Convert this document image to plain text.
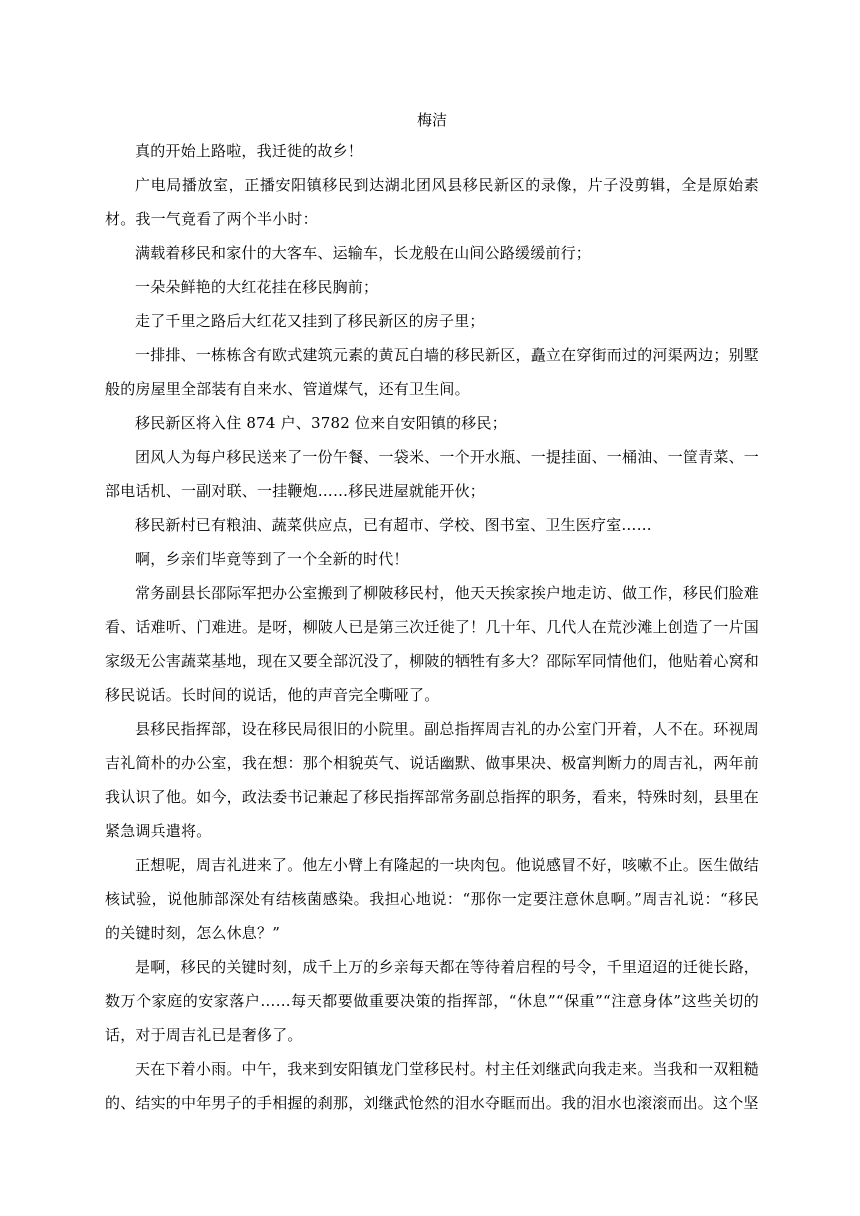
梅洁

真的开始上路啦，我迁徙的故乡！

广电局播放室，正播安阳镇移民到达湖北团风县移民新区的录像，片子没剪辑，全是原始素材。我一气竟看了两个半小时：

满载着移民和家什的大客车、运输车，长龙般在山间公路缓缓前行；

一朵朵鲜艳的大红花挂在移民胸前；

走了千里之路后大红花又挂到了移民新区的房子里；

一排排、一栋栋含有欧式建筑元素的黄瓦白墙的移民新区，矗立在穿街而过的河渠两边；别墅般的房屋里全部装有自来水、管道煤气，还有卫生间。

移民新区将入住 874 户、3782 位来自安阳镇的移民；

团风人为每户移民送来了一份午餐、一袋米、一个开水瓶、一提挂面、一桶油、一筐青菜、一部电话机、一副对联、一挂鞭炮……移民进屋就能开伙；

移民新村已有粮油、蔬菜供应点，已有超市、学校、图书室、卫生医疗室……

啊，乡亲们毕竟等到了一个全新的时代！

常务副县长邵际军把办公室搬到了柳陂移民村，他天天挨家挨户地走访、做工作，移民们脸难看、话难听、门难进。是呀，柳陂人已是第三次迁徙了！几十年、几代人在荒沙滩上创造了一片国家级无公害蔬菜基地，现在又要全部沉没了，柳陂的牺牲有多大？邵际军同情他们，他贴着心窝和移民说话。长时间的说话，他的声音完全嘶哑了。

县移民指挥部，设在移民局很旧的小院里。副总指挥周吉礼的办公室门开着，人不在。环视周吉礼简朴的办公室，我在想：那个相貌英气、说话幽默、做事果决、极富判断力的周吉礼，两年前我认识了他。如今，政法委书记兼起了移民指挥部常务副总指挥的职务，看来，特殊时刻，县里在紧急调兵遣将。

正想呢，周吉礼进来了。他左小臂上有隆起的一块肉包。他说感冒不好，咳嗽不止。医生做结核试验，说他肺部深处有结核菌感染。我担心地说：“那你一定要注意休息啊。”周吉礼说：“移民的关键时刻，怎么休息？”

是啊，移民的关键时刻，成千上万的乡亲每天都在等待着启程的号令，千里迢迢的迁徙长路，数万个家庭的安家落户……每天都要做重要决策的指挥部，“休息”“保重”“注意身体”这些关切的话，对于周吉礼已是奢侈了。

天在下着小雨。中午，我来到安阳镇龙门堂移民村。村主任刘继武向我走来。当我和一双粗糙的、结实的中年男子的手相握的刹那，刘继武怆然的泪水夺眶而出。我的泪水也滚滚而出。这个坚
